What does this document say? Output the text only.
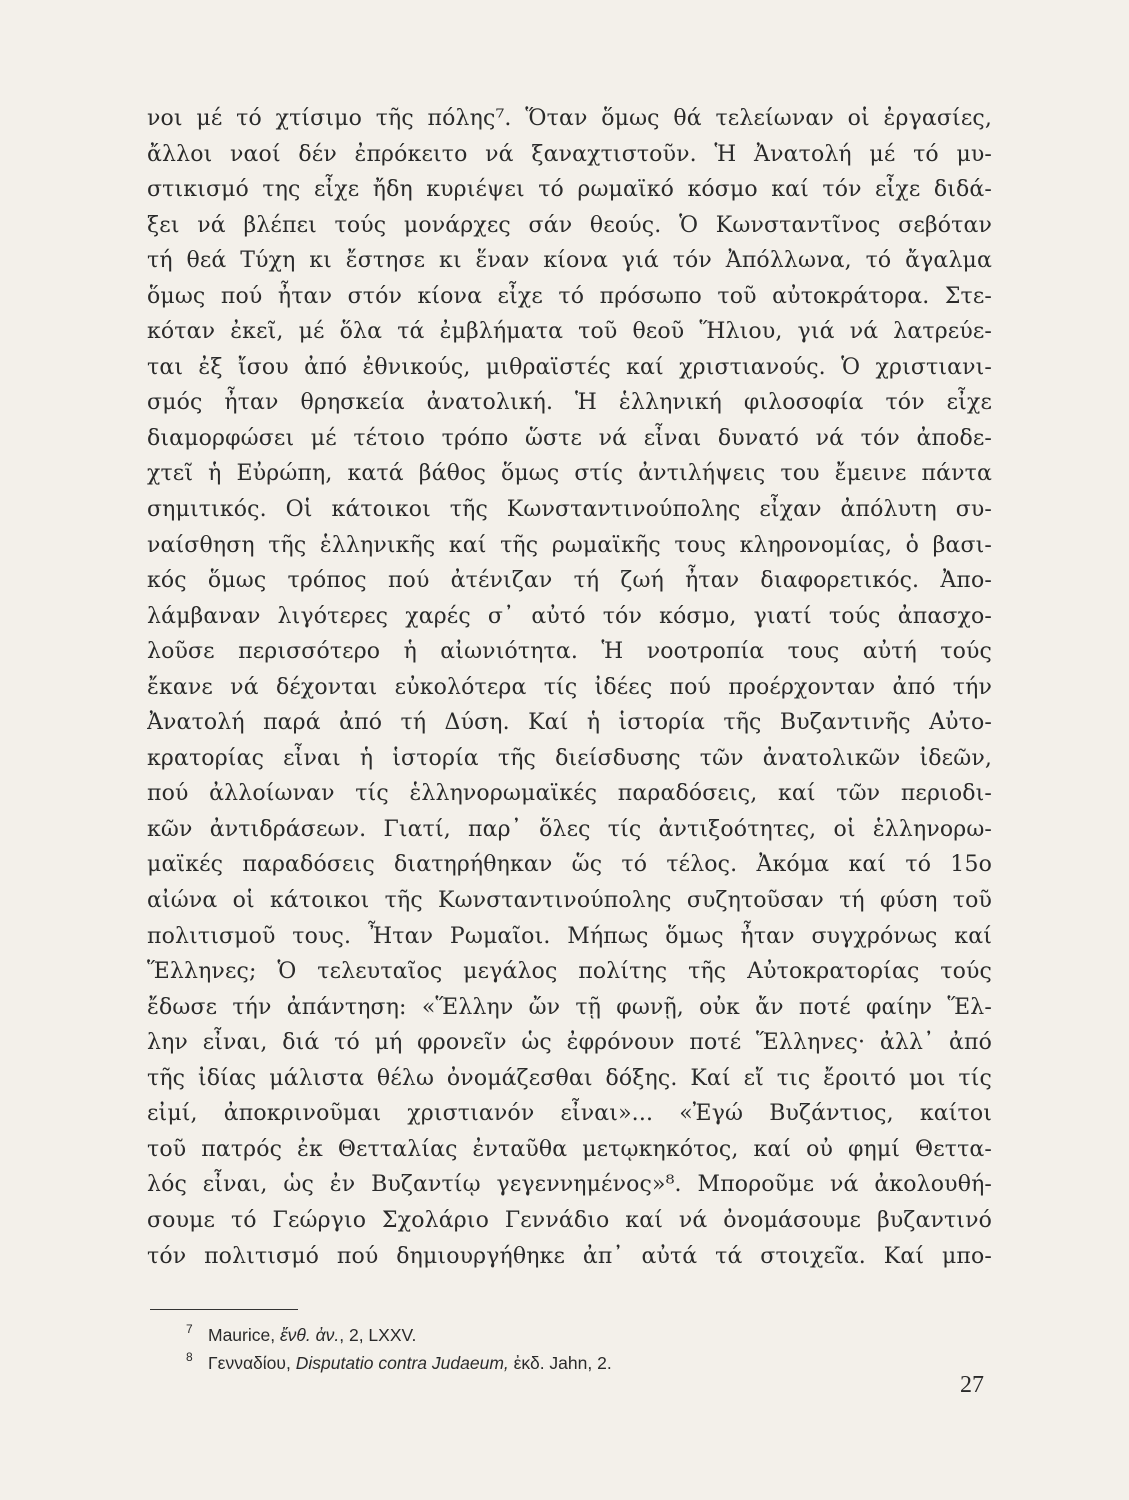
νοι μέ τό χτίσιμο τῆς πόλης⁷. Ὅταν ὅμως θά τελείωναν οἱ ἐργασίες,
ἄλλοι ναοί δέν ἐπρόκειτο νά ξαναχτιστοῦν. Ἡ Ἀνατολή μέ τό μυ-
στικισμό της εἶχε ἤδη κυριέψει τό ρωμαϊκό κόσμο καί τόν εἶχε διδά-
ξει νά βλέπει τούς μονάρχες σάν θεούς. Ὁ Κωνσταντῖνος σεβόταν
τή θεά Τύχη κι ἔστησε κι ἕναν κίονα γιά τόν Ἀπόλλωνα, τό ἄγαλμα
ὅμως πού ἦταν στόν κίονα εἶχε τό πρόσωπο τοῦ αὐτοκράτορα. Στε-
κόταν ἐκεῖ, μέ ὅλα τά ἐμβλήματα τοῦ θεοῦ Ἥλιου, γιά νά λατρεύε-
ται ἐξ ἴσου ἀπό ἐθνικούς, μιθραϊστές καί χριστιανούς. Ὁ χριστιανι-
σμός ἦταν θρησκεία ἀνατολική. Ἡ ἑλληνική φιλοσοφία τόν εἶχε
διαμορφώσει μέ τέτοιο τρόπο ὥστε νά εἶναι δυνατό νά τόν ἀποδε-
χτεῖ ἡ Εὐρώπη, κατά βάθος ὅμως στίς ἀντιλήψεις του ἔμεινε πάντα
σημιτικός. Οἱ κάτοικοι τῆς Κωνσταντινούπολης εἶχαν ἀπόλυτη συ-
ναίσθηση τῆς ἑλληνικῆς καί τῆς ρωμαϊκῆς τους κληρονομίας, ὁ βασι-
κός ὅμως τρόπος πού ἀτένιζαν τή ζωή ἦταν διαφορετικός. Ἀπο-
λάμβαναν λιγότερες χαρές σ᾽ αὐτό τόν κόσμο, γιατί τούς ἀπασχο-
λοῦσε περισσότερο ἡ αἰωνιότητα. Ἡ νοοτροπία τους αὐτή τούς
ἔκανε νά δέχονται εὐκολότερα τίς ἰδέες πού προέρχονταν ἀπό τήν
Ἀνατολή παρά ἀπό τή Δύση. Καί ἡ ἱστορία τῆς Βυζαντινῆς Αὐτο-
κρατορίας εἶναι ἡ ἱστορία τῆς διείσδυσης τῶν ἀνατολικῶν ἰδεῶν,
πού ἀλλοίωναν τίς ἑλληνορωμαϊκές παραδόσεις, καί τῶν περιοδι-
κῶν ἀντιδράσεων. Γιατί, παρ᾽ ὅλες τίς ἀντιξοότητες, οἱ ἑλληνορω-
μαϊκές παραδόσεις διατηρήθηκαν ὥς τό τέλος. Ἀκόμα καί τό 15ο
αἰώνα οἱ κάτοικοι τῆς Κωνσταντινούπολης συζητοῦσαν τή φύση τοῦ
πολιτισμοῦ τους. Ἦταν Ρωμαῖοι. Μήπως ὅμως ἦταν συγχρόνως καί
Ἕλληνες; Ὁ τελευταῖος μεγάλος πολίτης τῆς Αὐτοκρατορίας τούς
ἔδωσε τήν ἀπάντηση: «Ἕλλην ὤν τῇ φωνῇ, οὐκ ἄν ποτέ φαίην Ἕλ-
λην εἶναι, διά τό μή φρονεῖν ὡς ἐφρόνουν ποτέ Ἕλληνες· ἀλλ᾽ ἀπό
τῆς ἰδίας μάλιστα θέλω ὀνομάζεσθαι δόξης. Καί εἴ τις ἔροιτό μοι τίς
εἰμί, ἀποκρινοῦμαι χριστιανόν εἶναι»... «Ἐγώ Βυζάντιος, καίτοι
τοῦ πατρός ἐκ Θετταλίας ἐνταῦθα μετῳκηκότος, καί οὐ φημί Θεττα-
λός εἶναι, ὡς ἐν Βυζαντίῳ γεγεννημένος»⁸. Μποροῦμε νά ἀκολουθή-
σουμε τό Γεώργιο Σχολάριο Γεννάδιο καί νά ὀνομάσουμε βυζαντινό
τόν πολιτισμό πού δημιουργήθηκε ἀπ᾽ αὐτά τά στοιχεῖα. Καί μπο-
7 Maurice, ἔνθ. ἀν., 2, LXXV.
8 Γενναδίου, Disputatio contra Judaeum, ἐκδ. Jahn, 2.
27
